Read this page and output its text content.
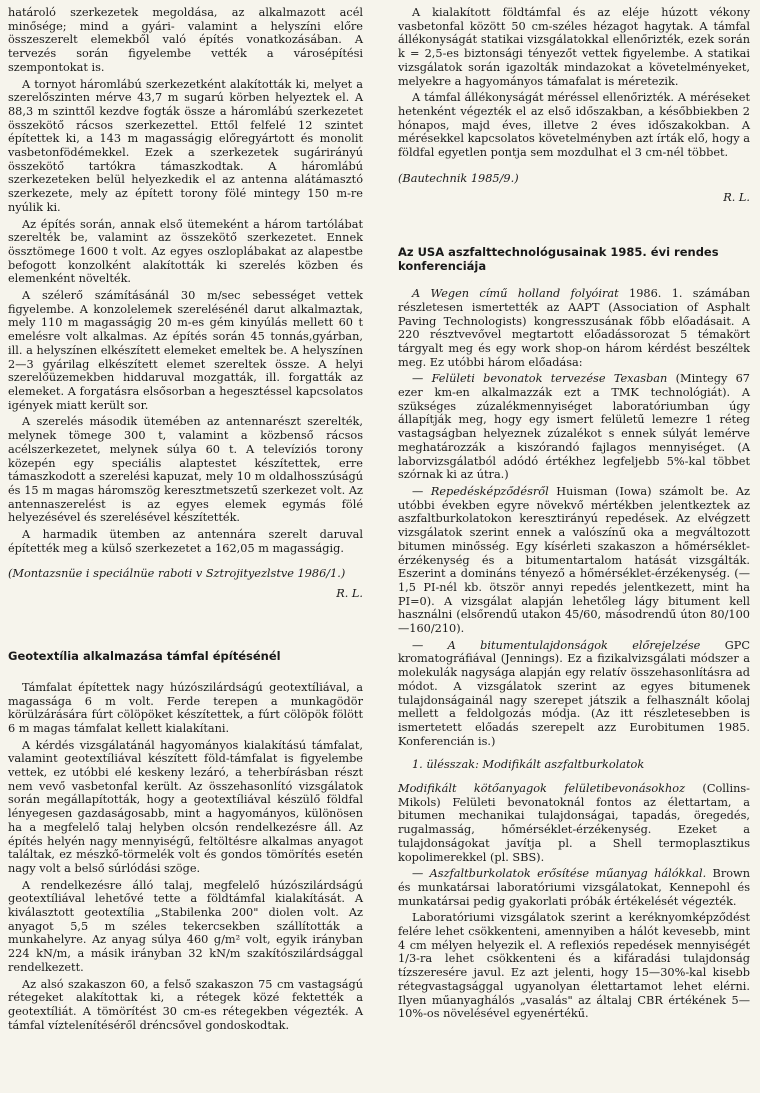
határoló szerkezetek megoldása, az alkalmazott acél minősége; mind a gyári- valamint a helyszíni előre összeszerelt elemekből való építés vonatkozásában. A tervezés során figyelembe vették a városépítési szempontokat is.

A tornyot háromlábú szerkezetként alakították ki, melyet a szerelőszinten mérve 43,7 m sugarú körben helyeztek el. A 88,3 m szinttől kezdve fogták össze a háromlábú szerkezetet összekötő rácsos szerkezettel. Ettől felfelé 12 szintet építettek ki, a 143 m magasságig előregyártott és monolit vasbetonfödémekkel. Ezek a szerkezetek sugárirányú összekötő tartókra támaszkodtak. A háromlábú szerkezeteken belül helyezkedik el az antenna alátámasztó szerkezete, mely az épített torony fölé mintegy 150 m-re nyúlik ki.

Az építés során, annak első ütemeként a három tartólábat szerelték be, valamint az összekötő szerkezetet. Ennek össztömege 1600 t volt. Az egyes oszloplábakat az alapestbe befogott konzolként alakították ki szerelés közben és elemenként növelték.

A szélerő számításánál 30 m/sec sebességet vettek figyelembe. A konzolelemek szerelésénél darut alkalmaztak, mely 110 m magasságig 20 m-es gém kinyúlás mellett 60 t emelésre volt alkalmas. Az építés során 45 tonnás,gyárban, ill. a helyszínen elkészített elemeket emeltek be. A helyszínen 2—3 gyárilag elkészített elemet szereltek össze. A helyi szerelőüzemekben hiddaruval mozgatták, ill. forgatták az elemeket. A forgatásra elsősorban a hegesztéssel kapcsolatos igények miatt került sor.

A szerelés második ütemében az antennarészt szerelték, melynek tömege 300 t, valamint a közbenső rácsos acélszerkezetet, melynek súlya 60 t. A televíziós torony közepén egy speciális alaptestet készítettek, erre támaszkodott a szerelési kapuzat, mely 10 m oldalhosszúságú és 15 m magas háromszög keresztmetszetű szerkezet volt. Az antennaszerelést is az egyes elemek egymás fölé helyezésével és szerelésével készítették.

A harmadik ütemben az antennára szerelt daruval építették meg a külső szerkezetet a 162,05 m magasságig.

(Montazsnüe i speciálnüe raboti v Sztrojityezlstve 1986/1.)

R. L.

Geotextília alkalmazása támfal építésénél

Támfalat építettek nagy húzószilárdságú geotextíliával, a magassága 6 m volt. Ferde terepen a munkagödör körülzárására fúrt cölöpöket készítettek, a fúrt cölöpök fölött 6 m magas támfalat kellett kialakítani.

A kérdés vizsgálatánál hagyományos kialakítású támfalat, valamint geotextíliával készített föld-támfalat is figyelembe vettek, ez utóbbi elé keskeny lezáró, a teherbírásban részt nem vevő vasbetonfal került. Az összehasonlító vizsgálatok során megállapították, hogy a geotextíliával készülő földfal lényegesen gazdaságosabb, mint a hagyományos, különösen ha a megfelelő talaj helyben olcsón rendelkezésre áll. Az építés helyén nagy mennyiségű, feltöltésre alkalmas anyagot találtak, ez mészkő-törmelék volt és gondos tömörítés esetén nagy volt a belső súrlódási szöge.

A rendelkezésre álló talaj, megfelelő húzószilárdságú geotextíliával lehetővé tette a földtámfal kialakítását. A kiválasztott geotextília „Stabilenka 200" diolen volt. Az anyagot 5,5 m széles tekercsekben szállították a munkahelyre. Az anyag súlya 460 g/m² volt, egyik irányban 224 kN/m, a másik irányban 32 kN/m szakítószilárdsággal rendelkezett.

Az alsó szakaszon 60, a felső szakaszon 75 cm vastagságú rétegeket alakítottak ki, a rétegek közé fektették a geotextíliát. A tömörítést 30 cm-es rétegekben végezték. A támfal víztelenítéséről dréncsővel gondoskodtak.

A kialakított földtámfal és az eléje húzott vékony vasbetonfal között 50 cm-széles hézagot hagytak. A támfal állékonyságát statikai vizsgálatokkal ellenőrizték, ezek során k = 2,5-es biztonsági tényezőt vettek figyelembe. A statikai vizsgálatok során igazolták mindazokat a követelményeket, melyekre a hagyományos támafalat is méretezik.

A támfal állékonyságát méréssel ellenőrizték. A méréseket hetenként végezték el az első időszakban, a későbbiekben 2 hónapos, majd éves, illetve 2 éves időszakokban. A mérésekkel kapcsolatos követelményben azt írták elő, hogy a földfal egyetlen pontja sem mozdulhat el 3 cm-nél többet.

(Bautechnik 1985/9.)

R. L.

Az USA aszfalttechnológusainak 1985. évi rendes konferenciája

A Wegen című holland folyóirat 1986. 1. számában részletesen ismertették az AAPT (Association of Asphalt Paving Technologists) kongresszusának főbb előadásait. A 220 résztvevővel megtartott előadássorozat 5 témakört tárgyalt meg és egy work shop-on három kérdést beszéltek meg. Ez utóbbi három előadása:

— Felületi bevonatok tervezése Texasban (Mintegy 67 ezer km-en alkalmazzák ezt a TMK technológiát). A szükséges zúzalékmennyiséget laboratóriumban úgy állapítják meg, hogy egy ismert felületű lemezre 1 réteg vastagságban helyeznek zúzalékot s ennek súlyát lemérve meghatározzák a kiszórandó fajlagos mennyiséget. (A laborvizsgálatból adódó értékhez legfeljebb 5%-kal többet szórnak ki az útra.)

— Repedésképződésről Huisman (Iowa) számolt be. Az utóbbi években egyre növekvő mértékben jelentkeztek az aszfaltburkolatokon keresztirányú repedések. Az elvégzett vizsgálatok szerint ennek a valószínű oka a megváltozott bitumen minősség. Egy kísérleti szakaszon a hőmérséklet-érzékenység és a bitumentartalom hatását vizsgálták. Eszerint a domináns tényező a hőmérséklet-érzékenység. (—1,5 PI-nél kb. ötször annyi repedés jelentkezett, mint ha PI=0). A vizsgálat alapján lehetőleg lágy bitument kell használni (elsőrendű utakon 45/60, másodrendű úton 80/100—160/210).

— A bitumentulajdonságok előrejelzése GPC kromatográfiával (Jennings). Ez a fizikalvizsgálati módszer a molekulák nagysága alapján egy relatív összehasonlításra ad módot. A vizsgálatok szerint az egyes bitumenek tulajdonságainál nagy szerepet játszik a felhasznált kőolaj mellett a feldolgozás módja. (Az itt részletesebben is ismertetett előadás szerepelt azz Eurobitumen 1985. Konferencián is.)

1. ülésszak: Modifikált aszfaltburkolatok

Modifikált kötőanyagok felületibevonásokhoz (Collins-Mikols) Felületi bevonatoknál fontos az élettartam, a bitumen mechanikai tulajdonságai, tapadás, öregedés, rugalmasság, hőmérséklet-érzékenység. Ezeket a tulajdonságokat javítja pl. a Shell termoplasztikus kopolimerekkel (pl. SBS).

— Aszfaltburkolatok erősítése műanyag hálókkal. Brown és munkatársai laboratóriumi vizsgálatokat, Kennepohl és munkatársai pedig gyakorlati próbák értékelését végezték.

Laboratóriumi vizsgálatok szerint a keréknyomképződést felére lehet csökkenteni, amennyiben a hálót kevesebb, mint 4 cm mélyen helyezik el. A reflexiós repedések mennyiségét 1/3-ra lehet csökkenteni és a kifáradási tulajdonság tízszeresére javul. Ez azt jelenti, hogy 15—30%-kal kisebb rétegvastagsággal ugyanolyan élettartamot lehet elérni. Ilyen műanyaghálós „vasalás" az általaj CBR értékének 5—10%-os növelésével egyenértékű.
